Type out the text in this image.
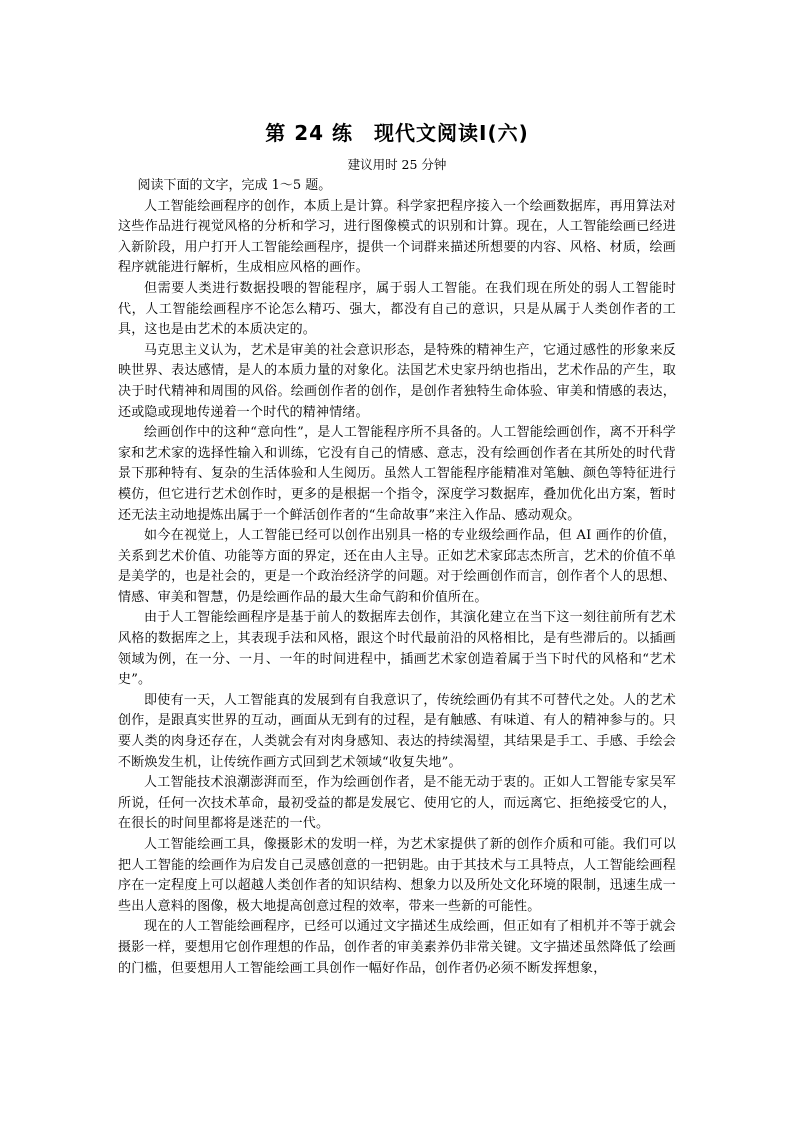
第 24 练　现代文阅读Ⅰ(六)
建议用时 25 分钟

阅读下面的文字，完成 1～5 题。

人工智能绘画程序的创作，本质上是计算。科学家把程序接入一个绘画数据库，再用算法对这些作品进行视觉风格的分析和学习，进行图像模式的识别和计算。现在，人工智能绘画已经进入新阶段，用户打开人工智能绘画程序，提供一个词群来描述所想要的内容、风格、材质，绘画程序就能进行解析，生成相应风格的画作。

但需要人类进行数据投喂的智能程序，属于弱人工智能。在我们现在所处的弱人工智能时代，人工智能绘画程序不论怎么精巧、强大，都没有自己的意识，只是从属于人类创作者的工具，这也是由艺术的本质决定的。

马克思主义认为，艺术是审美的社会意识形态，是特殊的精神生产，它通过感性的形象来反映世界、表达感情，是人的本质力量的对象化。法国艺术史家丹纳也指出，艺术作品的产生，取决于时代精神和周围的风俗。绘画创作者的创作，是创作者独特生命体验、审美和情感的表达，还或隐或现地传递着一个时代的精神情绪。

绘画创作中的这种“意向性”，是人工智能程序所不具备的。人工智能绘画创作，离不开科学家和艺术家的选择性输入和训练，它没有自己的情感、意志，没有绘画创作者在其所处的时代背景下那种特有、复杂的生活体验和人生阅历。虽然人工智能程序能精准对笔触、颜色等特征进行模仿，但它进行艺术创作时，更多的是根据一个指令，深度学习数据库，叠加优化出方案，暂时还无法主动地提炼出属于一个鲜活创作者的“生命故事”来注入作品、感动观众。

如今在视觉上，人工智能已经可以创作出别具一格的专业级绘画作品，但 AI 画作的价值，关系到艺术价值、功能等方面的界定，还在由人主导。正如艺术家邱志杰所言，艺术的价值不单是美学的，也是社会的，更是一个政治经济学的问题。对于绘画创作而言，创作者个人的思想、情感、审美和智慧，仍是绘画作品的最大生命气韵和价值所在。

由于人工智能绘画程序是基于前人的数据库去创作，其演化建立在当下这一刻往前所有艺术风格的数据库之上，其表现手法和风格，跟这个时代最前沿的风格相比，是有些滞后的。以插画领域为例，在一分、一月、一年的时间进程中，插画艺术家创造着属于当下时代的风格和“艺术史”。

即使有一天，人工智能真的发展到有自我意识了，传统绘画仍有其不可替代之处。人的艺术创作，是跟真实世界的互动，画面从无到有的过程，是有触感、有味道、有人的精神参与的。只要人类的肉身还存在，人类就会有对肉身感知、表达的持续渴望，其结果是手工、手感、手绘会不断焕发生机，让传统作画方式回到艺术领域“收复失地”。

人工智能技术浪潮澎湃而至，作为绘画创作者，是不能无动于衷的。正如人工智能专家吴军所说，任何一次技术革命，最初受益的都是发展它、使用它的人，而远离它、拒绝接受它的人，在很长的时间里都将是迷茫的一代。

人工智能绘画工具，像摄影术的发明一样，为艺术家提供了新的创作介质和可能。我们可以把人工智能的绘画作为启发自己灵感创意的一把钥匙。由于其技术与工具特点，人工智能绘画程序在一定程度上可以超越人类创作者的知识结构、想象力以及所处文化环境的限制，迅速生成一些出人意料的图像，极大地提高创意过程的效率，带来一些新的可能性。

现在的人工智能绘画程序，已经可以通过文字描述生成绘画，但正如有了相机并不等于就会摄影一样，要想用它创作理想的作品，创作者的审美素养仍非常关键。文字描述虽然降低了绘画的门槛，但要想用人工智能绘画工具创作一幅好作品，创作者仍必须不断发挥想象，
